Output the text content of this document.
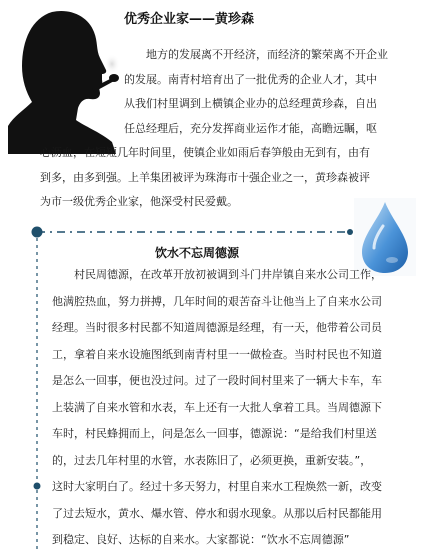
优秀企业家——黄珍森
地方的发展离不开经济，而经济的繁荣离不开企业
的发展。南青村培育出了一批优秀的企业人才，其中
从我们村里调到上横镇企业办的总经理黄珍森，自出
任总经理后，充分发挥商业运作才能，高瞻远瞩，呕
心沥血，在短短几年时间里，使镇企业如雨后春笋般由无到有，由有
到多，由多到强。上羊集团被评为珠海市十强企业之一，黄珍森被评
为市一级优秀企业家，他深受村民爱戴。
饮水不忘周德源
村民周德源，在改革开放初被调到斗门井岸镇自来水公司工作，
他满腔热血，努力拼搏，几年时间的艰苦奋斗让他当上了自来水公司
经理。当时很多村民都不知道周德源是经理，有一天，他带着公司员
工，拿着自来水设施图纸到南青村里一一做检查。当时村民也不知道
是怎么一回事，便也没过问。过了一段时间村里来了一辆大卡车，车
上装满了自来水管和水表，车上还有一大批人拿着工具。当周德源下
车时，村民蜂拥而上，问是怎么一回事，德源说：“是给我们村里送
的，过去几年村里的水管，水表陈旧了，必须更换，重新安装。”，
这时大家明白了。经过十多天努力，村里自来水工程焕然一新，改变
了过去短水，黄水、爆水管、停水和弱水现象。从那以后村民都能用
到稳定、良好、达标的自来水。大家都说：“饮水不忘周德源”
